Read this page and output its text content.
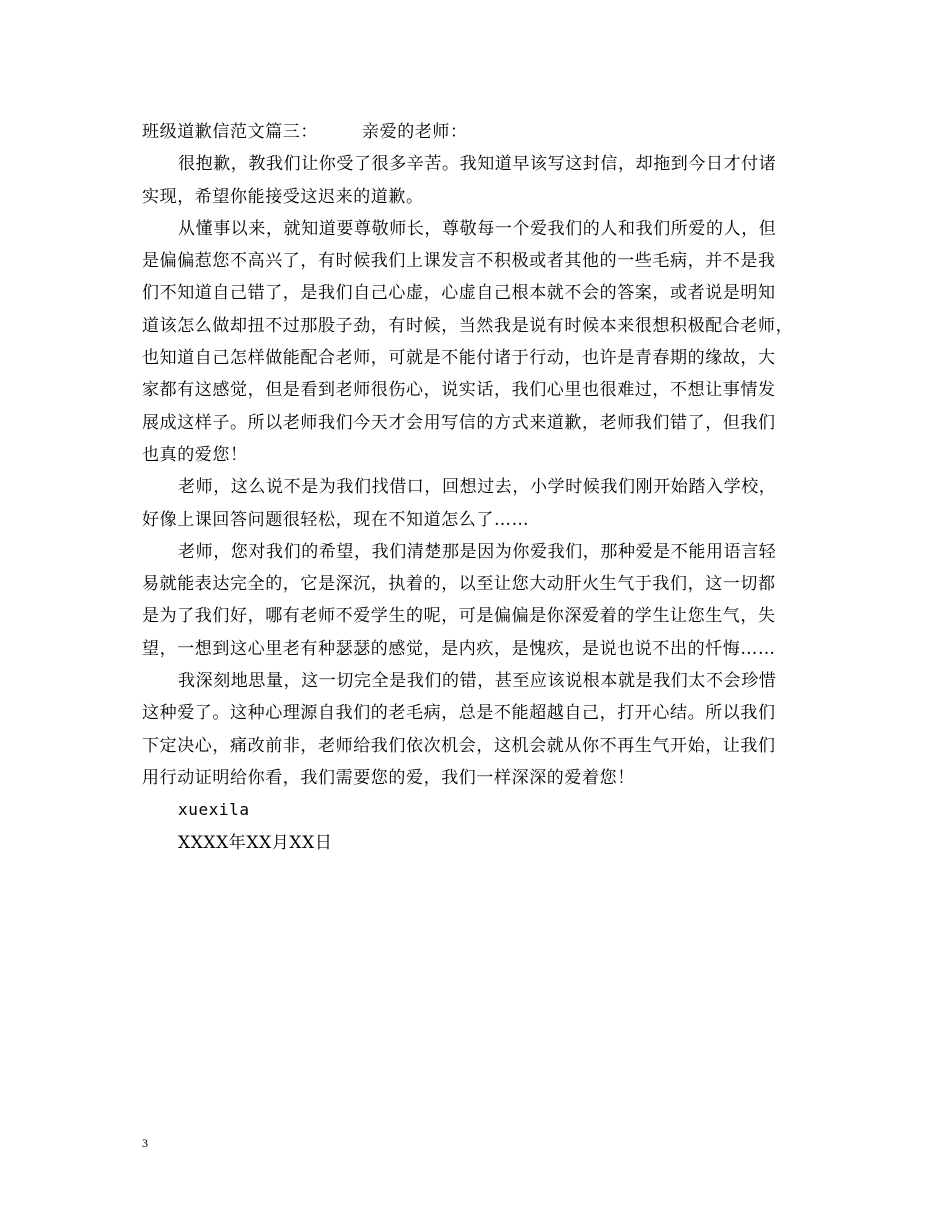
班级道歉信范文篇三：	亲爱的老师：
很抱歉，教我们让你受了很多辛苦。我知道早该写这封信，却拖到今日才付诸
实现，希望你能接受这迟来的道歉。
从懂事以来，就知道要尊敬师长，尊敬每一个爱我们的人和我们所爱的人，但
是偏偏惹您不高兴了，有时候我们上课发言不积极或者其他的一些毛病，并不是我
们不知道自己错了，是我们自己心虚，心虚自己根本就不会的答案，或者说是明知
道该怎么做却扭不过那股子劲，有时候，当然我是说有时候本来很想积极配合老师，
也知道自己怎样做能配合老师，可就是不能付诸于行动，也许是青春期的缘故，大
家都有这感觉，但是看到老师很伤心，说实话，我们心里也很难过，不想让事情发
展成这样子。所以老师我们今天才会用写信的方式来道歉，老师我们错了，但我们
也真的爱您！
老师，这么说不是为我们找借口，回想过去，小学时候我们刚开始踏入学校，
好像上课回答问题很轻松，现在不知道怎么了……
老师，您对我们的希望，我们清楚那是因为你爱我们，那种爱是不能用语言轻
易就能表达完全的，它是深沉，执着的，以至让您大动肝火生气于我们，这一切都
是为了我们好，哪有老师不爱学生的呢，可是偏偏是你深爱着的学生让您生气，失
望，一想到这心里老有种瑟瑟的感觉，是内疚，是愧疚，是说也说不出的忏悔……
我深刻地思量，这一切完全是我们的错，甚至应该说根本就是我们太不会珍惜
这种爱了。这种心理源自我们的老毛病，总是不能超越自己，打开心结。所以我们
下定决心，痛改前非，老师给我们依次机会，这机会就从你不再生气开始，让我们
用行动证明给你看，我们需要您的爱，我们一样深深的爱着您！
xuexila
XXXX年XX月XX日
3
